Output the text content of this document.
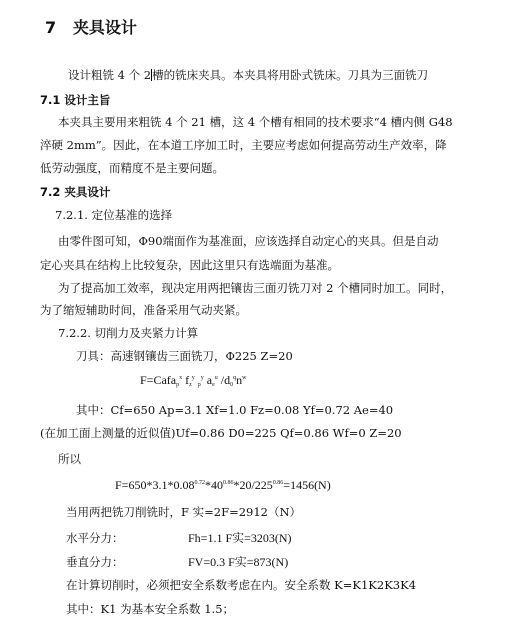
7 夹具设计
设计粗铣 4 个 2槽的铣床夹具。本夹具将用卧式铣床。刀具为三面铣刀
7.1 设计主旨
本夹具主要用来粗铣 4 个 21 槽，这 4 个槽有相同的技术要求“4 槽内侧 G48
淬硬 2mm”。因此，在本道工序加工时，主要应考虑如何提高劳动生产效率，降
低劳动强度，而精度不是主要问题。
7.2 夹具设计
7.2.1. 定位基准的选择
由零件图可知，Φ90端面作为基准面，应该选择自动定心的夹具。但是自动
定心夹具在结构上比较复杂，因此这里只有选端面为基准。
为了提高加工效率，现决定用两把镶齿三面刃铣刀对 2 个槽同时加工。同时，
为了缩短辅助时间，准备采用气动夹紧。
7.2.2. 切削力及夹紧力计算
刀具：高速钢镶齿三面铣刀，Φ225 Z=20
F=Cafa$_p^x$ $f_z^y$ $_p^y$ $a_e^u$ $/d_0^qn^w$
其中：Cf=650 Ap=3.1 Xf=1.0 Fz=0.08 Yf=0.72 Ae=40
(在加工面上测量的近似值)Uf=0.86 D0=225 Qf=0.86 Wf=0 Z=20
所以
$F=650*3.1*0.08^{0.72}*40^{0.86}*20/225^{0.86}=1456(N)$
当用两把铣刀削铣时，F 实=2F=2912（N）
水平分力：	Fh=1.1 F实=3203(N)
垂直分力：	FV=0.3 F实=873(N)
在计算切削时，必须把安全系数考虑在内。安全系数 K=K1K2K3K4
其中：K1 为基本安全系数 1.5；
